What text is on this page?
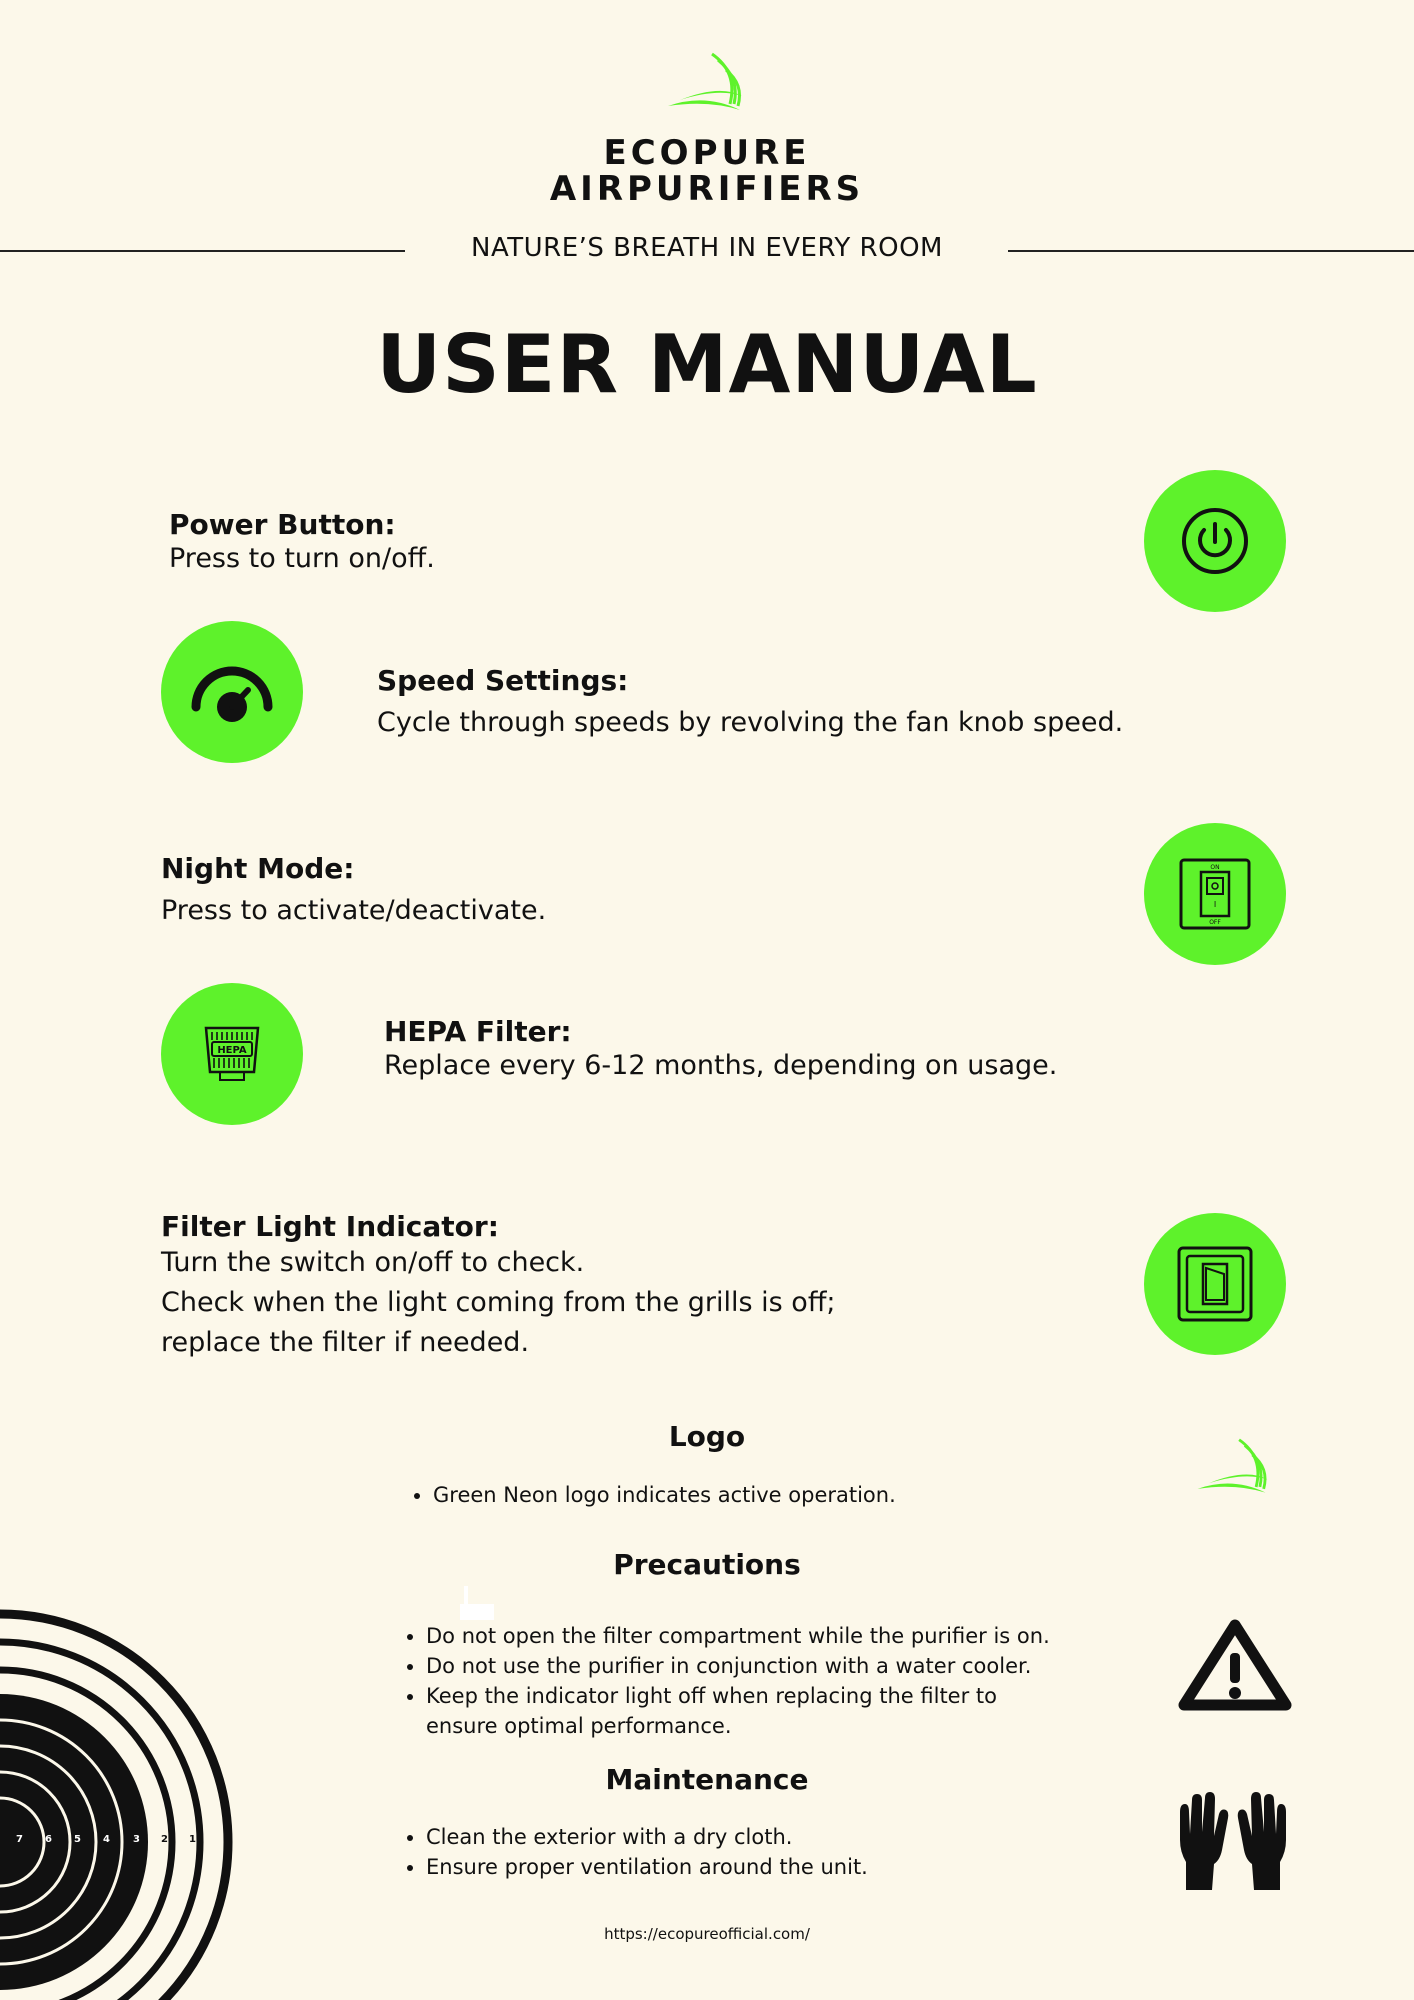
ECOPURE
AIRPURIFIERS
NATURE’S BREATH IN EVERY ROOM
USER MANUAL
Power Button:
Press to turn on/off.
Speed Settings:
Cycle through speeds by revolving the fan knob speed.
Night Mode:
Press to activate/deactivate.
ON
I
OFF
HEPA
HEPA Filter:
Replace every 6-12 months, depending on usage.
Filter Light Indicator:
Turn the switch on/off to check.
Check when the light coming from the grills is off;
replace the filter if needed.
Logo
• Green Neon logo indicates active operation.
Precautions
• Do not open the filter compartment while the purifier is on.
• Do not use the purifier in conjunction with a water cooler.
• Keep the indicator light off when replacing the filter to ensure optimal performance.
Maintenance
• Clean the exterior with a dry cloth.
• Ensure proper ventilation around the unit.
7 6 5 4 3 2 1
https://ecopureofficial.com/
